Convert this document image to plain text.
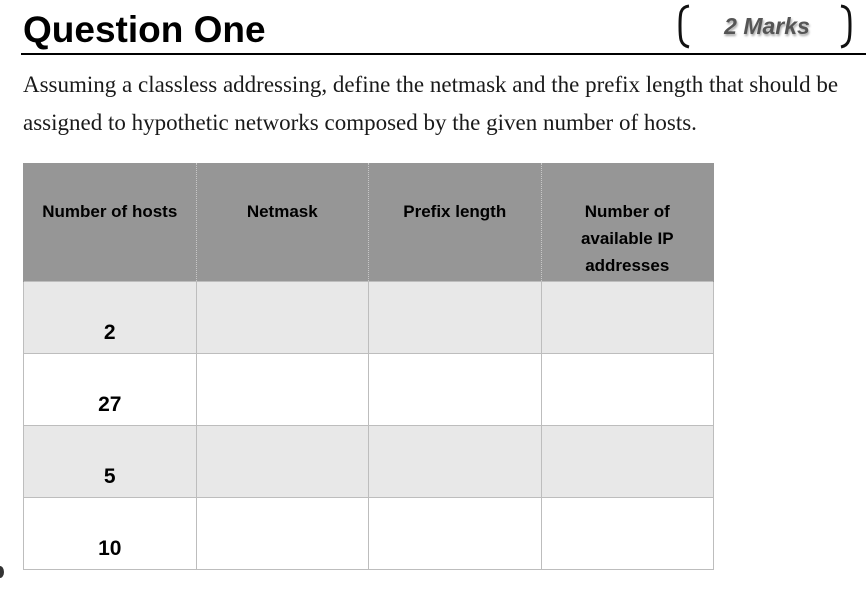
Question One	2 Marks

Assuming a classless addressing, define the netmask and the prefix length that should be assigned to hypothetic networks composed by the given number of hosts.

Number of hosts	Netmask	Prefix length	Number of available IP addresses
2			
27			
5			
10			
